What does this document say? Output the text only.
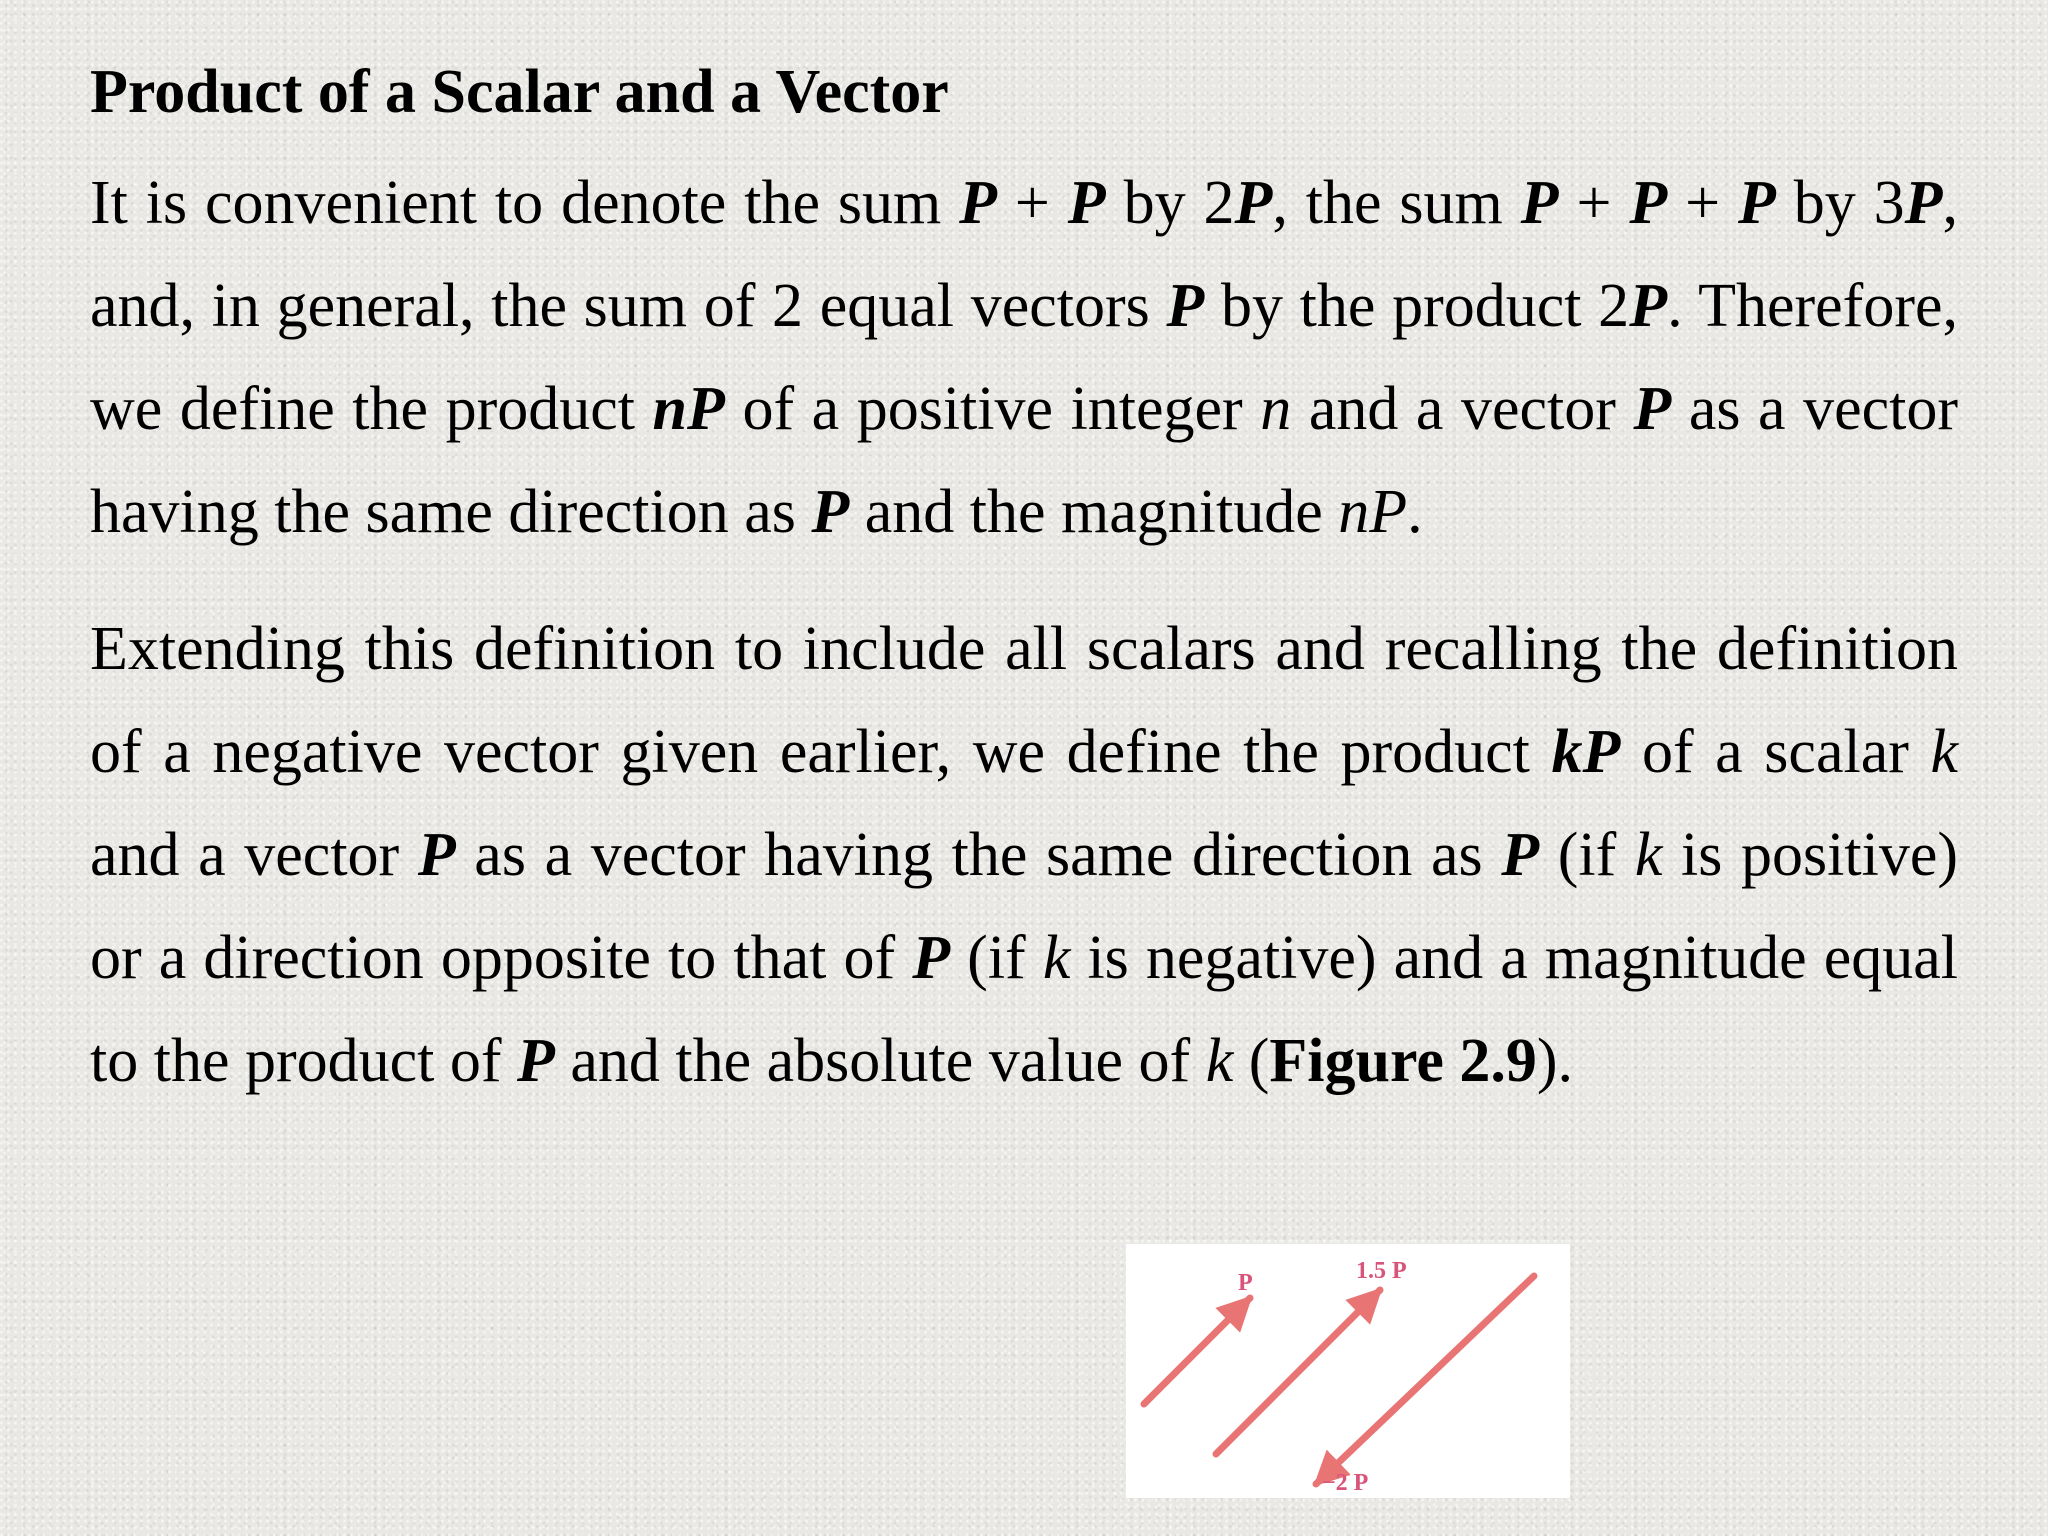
Product of a Scalar and a Vector

It is convenient to denote the sum P + P by 2P, the sum P + P + P by 3P, and, in general, the sum of 2 equal vectors P by the product 2P. Therefore, we define the product nP of a positive integer n and a vector P as a vector having the same direction as P and the magnitude nP.

Extending this definition to include all scalars and recalling the definition of a negative vector given earlier, we define the product kP of a scalar k and a vector P as a vector having the same direction as P (if k is positive) or a direction opposite to that of P (if k is negative) and a magnitude equal to the product of P and the absolute value of k (Figure 2.9).

P	1.5 P
−2 P
